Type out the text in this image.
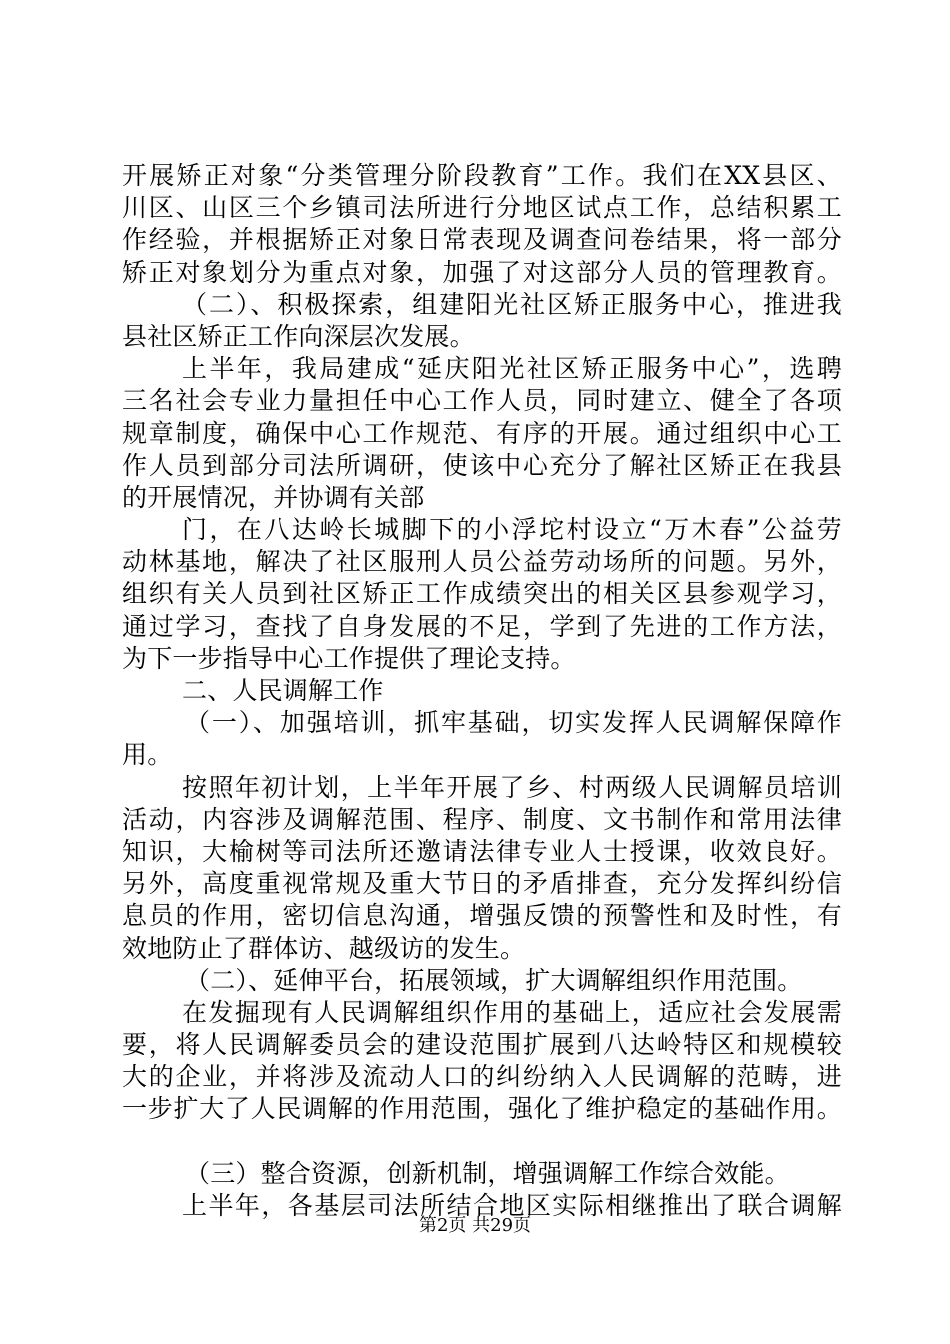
开展矫正对象“分类管理分阶段教育”工作。我们在XX县区、
川区、山区三个乡镇司法所进行分地区试点工作，总结积累工
作经验，并根据矫正对象日常表现及调查问卷结果，将一部分
矫正对象划分为重点对象，加强了对这部分人员的管理教育。
（二）、积极探索，组建阳光社区矫正服务中心，推进我
县社区矫正工作向深层次发展。
上半年，我局建成“延庆阳光社区矫正服务中心”，选聘
三名社会专业力量担任中心工作人员，同时建立、健全了各项
规章制度，确保中心工作规范、有序的开展。通过组织中心工
作人员到部分司法所调研，使该中心充分了解社区矫正在我县
的开展情况，并协调有关部
门，在八达岭长城脚下的小浮坨村设立“万木春”公益劳
动林基地，解决了社区服刑人员公益劳动场所的问题。另外，
组织有关人员到社区矫正工作成绩突出的相关区县参观学习，
通过学习，查找了自身发展的不足，学到了先进的工作方法，
为下一步指导中心工作提供了理论支持。
二、人民调解工作
（一）、加强培训，抓牢基础，切实发挥人民调解保障作
用。
按照年初计划，上半年开展了乡、村两级人民调解员培训
活动，内容涉及调解范围、程序、制度、文书制作和常用法律
知识，大榆树等司法所还邀请法律专业人士授课，收效良好。
另外，高度重视常规及重大节日的矛盾排查，充分发挥纠纷信
息员的作用，密切信息沟通，增强反馈的预警性和及时性，有
效地防止了群体访、越级访的发生。
（二）、延伸平台，拓展领域，扩大调解组织作用范围。
在发掘现有人民调解组织作用的基础上，适应社会发展需
要，将人民调解委员会的建设范围扩展到八达岭特区和规模较
大的企业，并将涉及流动人口的纠纷纳入人民调解的范畴，进
一步扩大了人民调解的作用范围，强化了维护稳定的基础作用。
（三）整合资源，创新机制，增强调解工作综合效能。
上半年，各基层司法所结合地区实际相继推出了联合调解
第2页 共29页
